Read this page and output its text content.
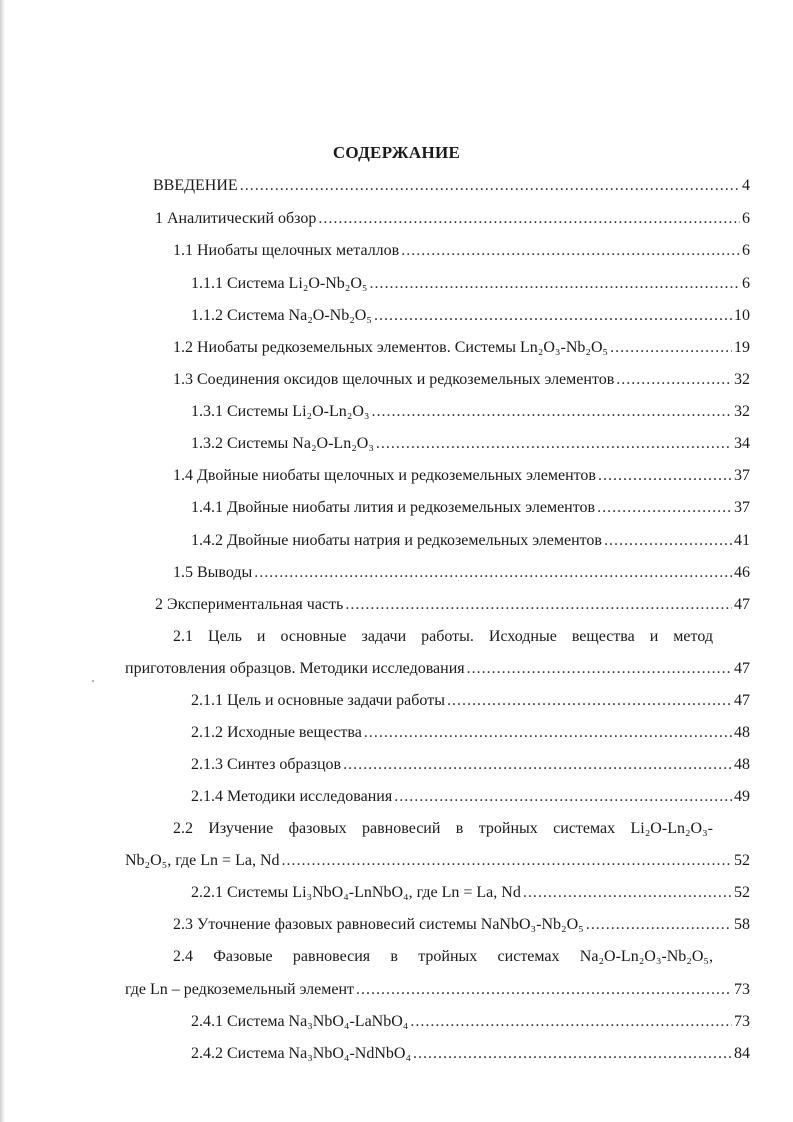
СОДЕРЖАНИЕ
ВВЕДЕНИЕ .....	4
1 Аналитический обзор .....	6
1.1 Ниобаты щелочных металлов .....	6
1.1.1 Система Li₂O-Nb₂O₅ .....	6
1.1.2 Система Na₂O-Nb₂O₅ .....	10
1.2 Ниобаты редкоземельных элементов. Системы Ln₂O₃-Nb₂O₅ .....	19
1.3 Соединения оксидов щелочных и редкоземельных элементов .....	32
1.3.1 Системы Li₂O-Ln₂O₃ .....	32
1.3.2 Системы Na₂O-Ln₂O₃ .....	34
1.4 Двойные ниобаты щелочных и редкоземельных элементов .....	37
1.4.1 Двойные ниобаты лития и редкоземельных элементов .....	37
1.4.2 Двойные ниобаты натрия и редкоземельных элементов .....	41
1.5 Выводы .....	46
2 Экспериментальная часть .....	47
2.1 Цель и основные задачи работы. Исходные вещества и метод
приготовления образцов. Методики исследования .....	47
2.1.1 Цель и основные задачи работы .....	47
2.1.2 Исходные вещества .....	48
2.1.3 Синтез образцов .....	48
2.1.4 Методики исследования .....	49
2.2 Изучение фазовых равновесий в тройных системах Li₂O-Ln₂O₃-
Nb₂O₅, где Ln = La, Nd .....	52
2.2.1 Системы Li₃NbO₄-LnNbO₄, где Ln = La, Nd .....	52
2.3 Уточнение фазовых равновесий системы NaNbO₃-Nb₂O₅ .....	58
2.4 Фазовые равновесия в тройных системах Na₂O-Ln₂O₃-Nb₂O₅,
где Ln – редкоземельный элемент .....	73
2.4.1 Система Na₃NbO₄-LaNbO₄ .....	73
2.4.2 Система Na₃NbO₄-NdNbO₄ .....	84
